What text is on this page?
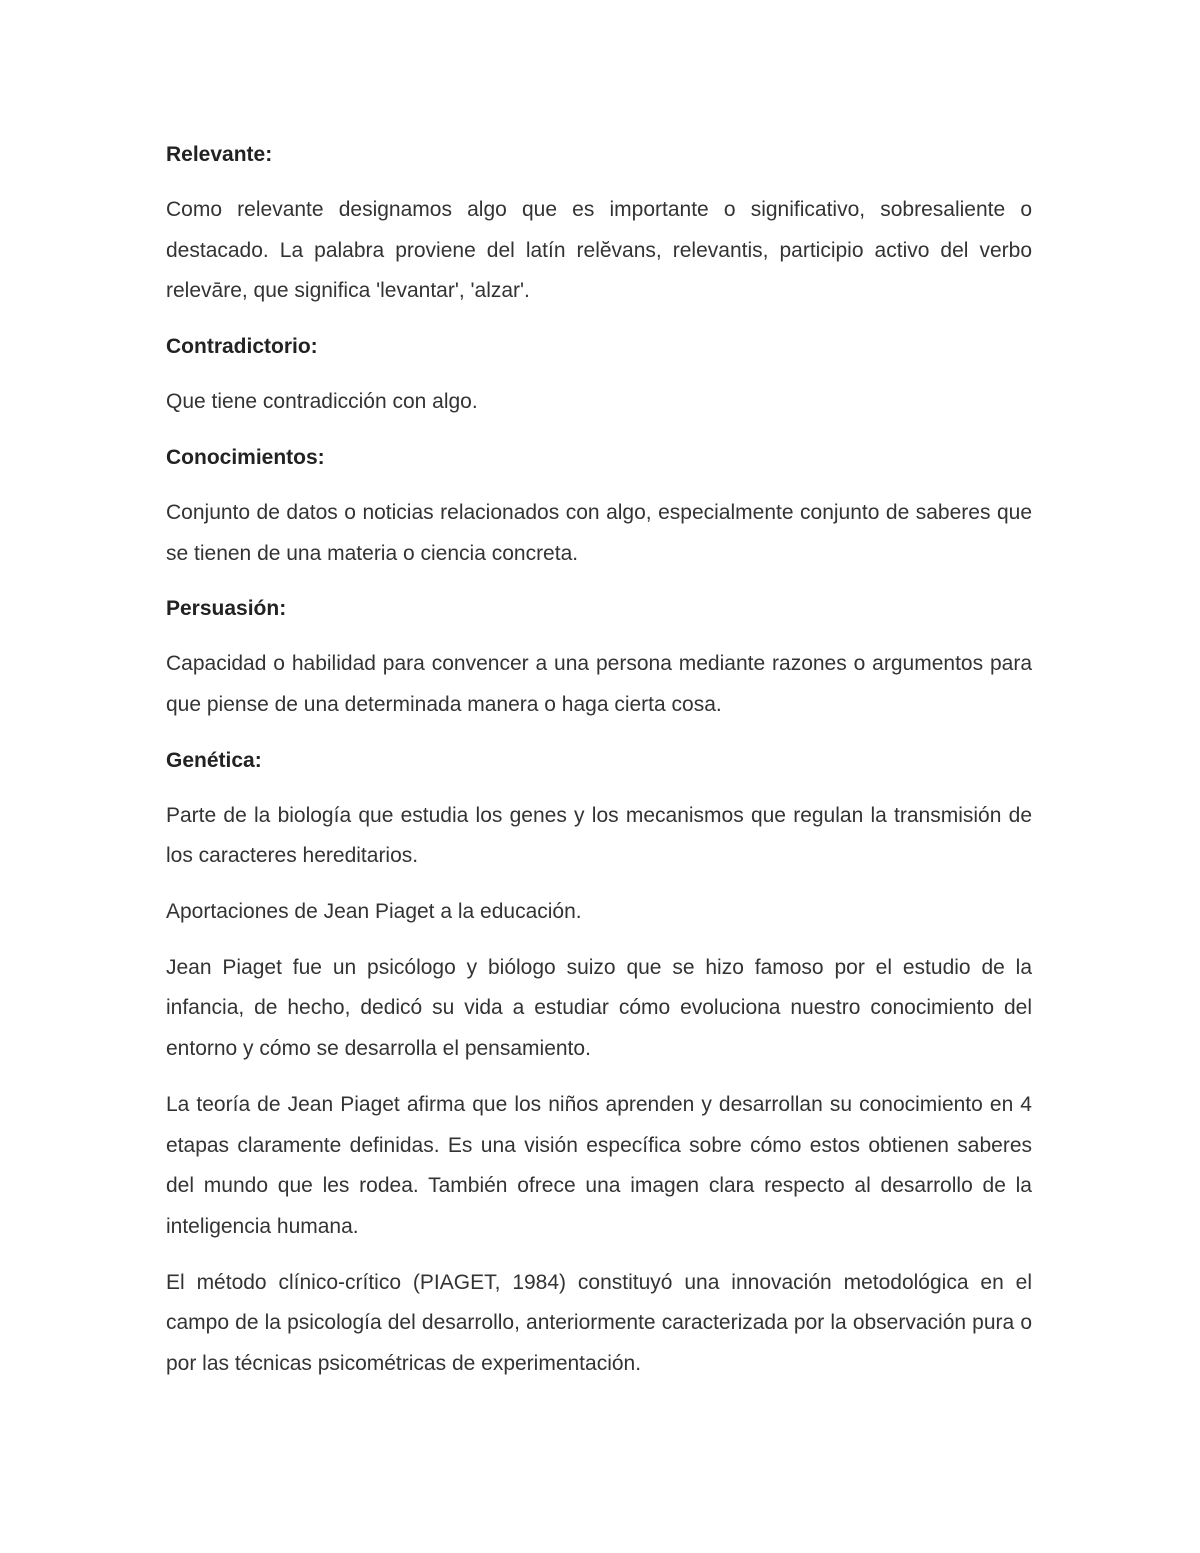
Relevante:
Como relevante designamos algo que es importante o significativo, sobresaliente o destacado. La palabra proviene del latín relĕvans, relevantis, participio activo del verbo relevāre, que significa 'levantar', 'alzar'.
Contradictorio:
Que tiene contradicción con algo.
Conocimientos:
Conjunto de datos o noticias relacionados con algo, especialmente conjunto de saberes que se tienen de una materia o ciencia concreta.
Persuasión:
Capacidad o habilidad para convencer a una persona mediante razones o argumentos para que piense de una determinada manera o haga cierta cosa.
Genética:
Parte de la biología que estudia los genes y los mecanismos que regulan la transmisión de los caracteres hereditarios.
Aportaciones de Jean Piaget a la educación.
Jean Piaget fue un psicólogo y biólogo suizo que se hizo famoso por el estudio de la infancia, de hecho, dedicó su vida a estudiar cómo evoluciona nuestro conocimiento del entorno y cómo se desarrolla el pensamiento.
La teoría de Jean Piaget afirma que los niños aprenden y desarrollan su conocimiento en 4 etapas claramente definidas. Es una visión específica sobre cómo estos obtienen saberes del mundo que les rodea. También ofrece una imagen clara respecto al desarrollo de la inteligencia humana.
El método clínico-crítico (PIAGET, 1984) constituyó una innovación metodológica en el campo de la psicología del desarrollo, anteriormente caracterizada por la observación pura o por las técnicas psicométricas de experimentación.
